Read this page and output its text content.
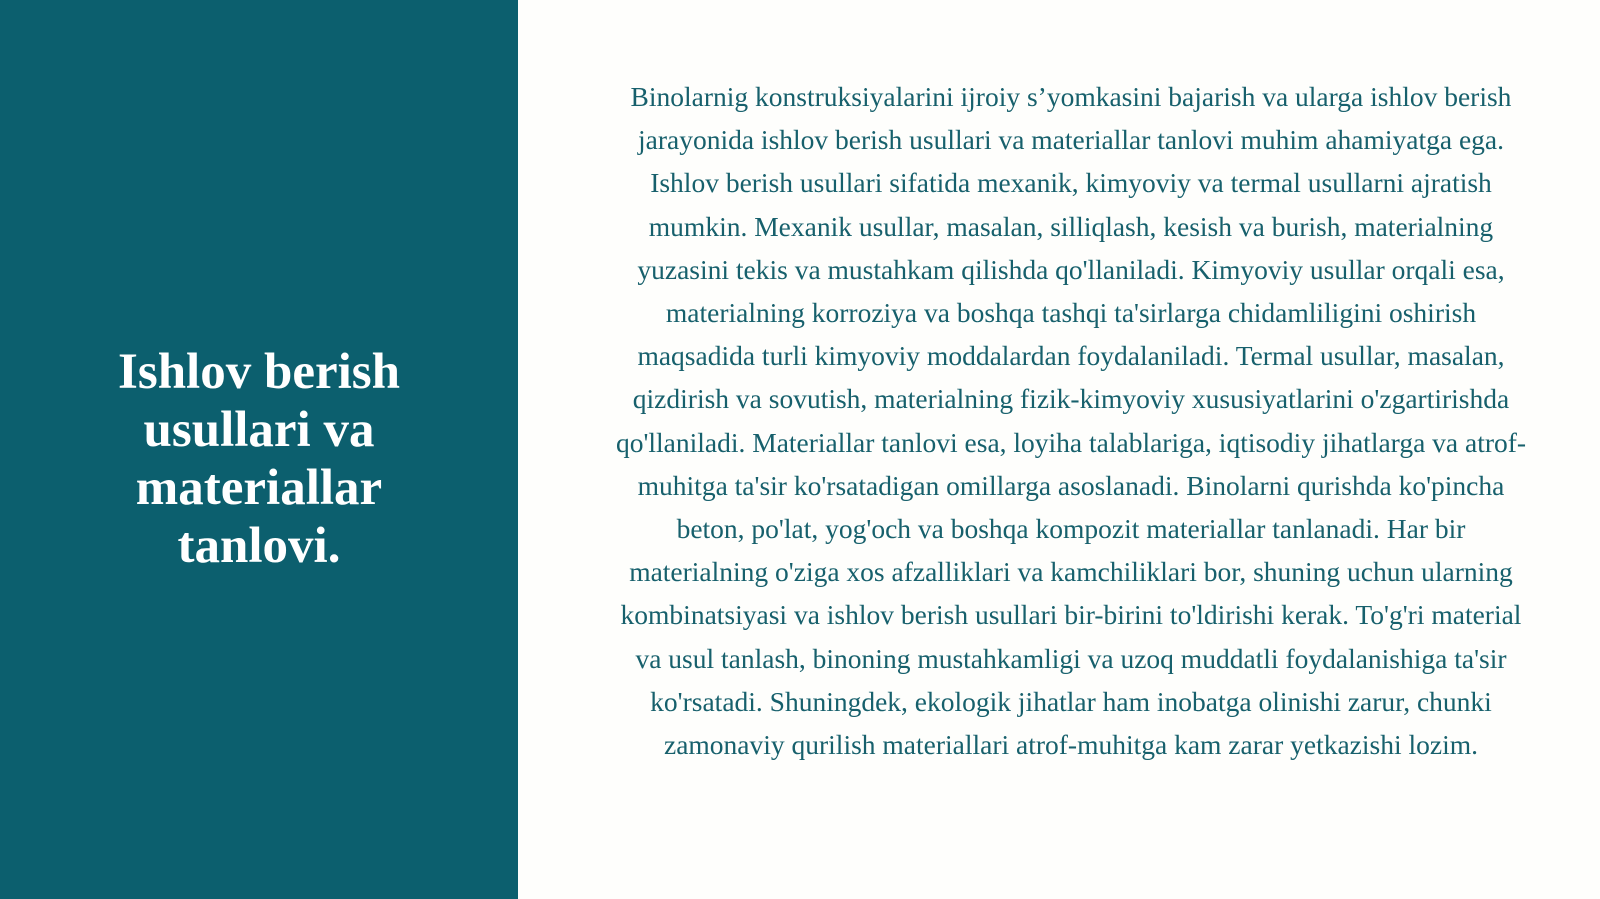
Ishlov berish usullari va materiallar tanlovi.

Binolarnig konstruksiyalarini ijroiy s’yomkasini bajarish va ularga ishlov berish jarayonida ishlov berish usullari va materiallar tanlovi muhim ahamiyatga ega. Ishlov berish usullari sifatida mexanik, kimyoviy va termal usullarni ajratish mumkin. Mexanik usullar, masalan, silliqlash, kesish va burish, materialning yuzasini tekis va mustahkam qilishda qo'llaniladi. Kimyoviy usullar orqali esa, materialning korroziya va boshqa tashqi ta'sirlarga chidamliligini oshirish maqsadida turli kimyoviy moddalardan foydalaniladi. Termal usullar, masalan, qizdirish va sovutish, materialning fizik-kimyoviy xususiyatlarini o'zgartirishda qo'llaniladi. Materiallar tanlovi esa, loyiha talablariga, iqtisodiy jihatlarga va atrof-muhitga ta'sir ko'rsatadigan omillarga asoslanadi. Binolarni qurishda ko'pincha beton, po'lat, yog'och va boshqa kompozit materiallar tanlanadi. Har bir materialning o'ziga xos afzalliklari va kamchiliklari bor, shuning uchun ularning kombinatsiyasi va ishlov berish usullari bir-birini to'ldirishi kerak. To'g'ri material va usul tanlash, binoning mustahkamligi va uzoq muddatli foydalanishiga ta'sir ko'rsatadi. Shuningdek, ekologik jihatlar ham inobatga olinishi zarur, chunki zamonaviy qurilish materiallari atrof-muhitga kam zarar yetkazishi lozim.
